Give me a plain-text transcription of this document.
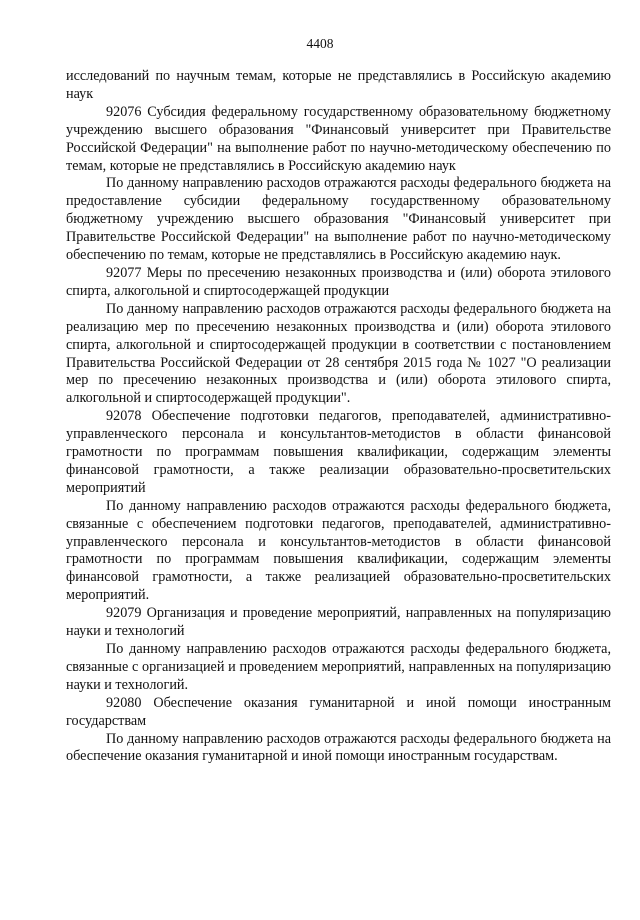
4408

исследований по научным темам, которые не представлялись в Российскую академию наук

92076 Субсидия федеральному государственному образовательному бюджетному учреждению высшего образования "Финансовый университет при Правительстве Российской Федерации" на выполнение работ по научно-методическому обеспечению по темам, которые не представлялись в Российскую академию наук

По данному направлению расходов отражаются расходы федерального бюджета на предоставление субсидии федеральному государственному образовательному бюджетному учреждению высшего образования "Финансовый университет при Правительстве Российской Федерации" на выполнение работ по научно-методическому обеспечению по темам, которые не представлялись в Российскую академию наук.

92077 Меры по пресечению незаконных производства и (или) оборота этилового спирта, алкогольной и спиртосодержащей продукции

По данному направлению расходов отражаются расходы федерального бюджета на реализацию мер по пресечению незаконных производства и (или) оборота этилового спирта, алкогольной и спиртосодержащей продукции в соответствии с постановлением Правительства Российской Федерации от 28 сентября 2015 года № 1027 "О реализации мер по пресечению незаконных производства и (или) оборота этилового спирта, алкогольной и спиртосодержащей продукции".

92078 Обеспечение подготовки педагогов, преподавателей, административно-управленческого персонала и консультантов-методистов в области финансовой грамотности по программам повышения квалификации, содержащим элементы финансовой грамотности, а также реализации образовательно-просветительских мероприятий

По данному направлению расходов отражаются расходы федерального бюджета, связанные с обеспечением подготовки педагогов, преподавателей, административно-управленческого персонала и консультантов-методистов в области финансовой грамотности по программам повышения квалификации, содержащим элементы финансовой грамотности, а также реализацией образовательно-просветительских мероприятий.

92079 Организация и проведение мероприятий, направленных на популяризацию науки и технологий

По данному направлению расходов отражаются расходы федерального бюджета, связанные с организацией и проведением мероприятий, направленных на популяризацию науки и технологий.

92080 Обеспечение оказания гуманитарной и иной помощи иностранным государствам

По данному направлению расходов отражаются расходы федерального бюджета на обеспечение оказания гуманитарной и иной помощи иностранным государствам.
